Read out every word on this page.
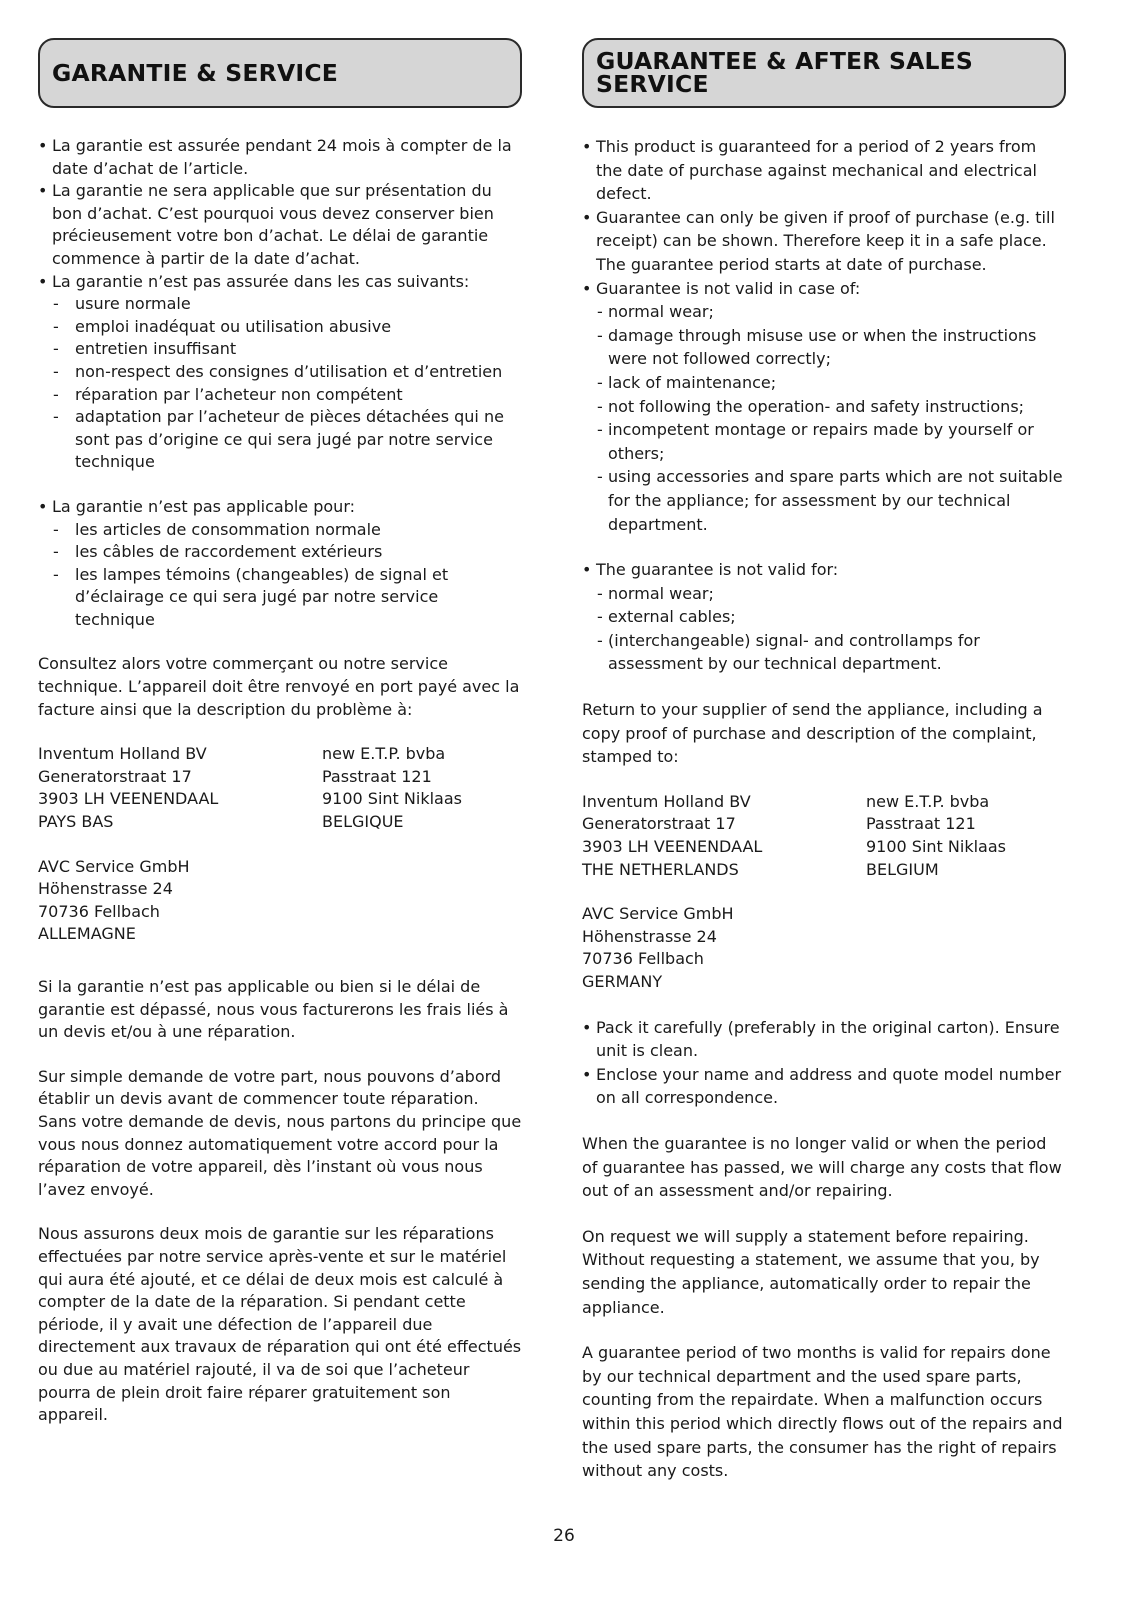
GARANTIE & SERVICE
• La garantie est assurée pendant 24 mois à compter de la date d’achat de l’article.
• La garantie ne sera applicable que sur présentation du bon d’achat. C’est pourquoi vous devez conserver bien précieusement votre bon d’achat. Le délai de garantie commence à partir de la date d’achat.
• La garantie n’est pas assurée dans les cas suivants:
-	usure normale
-	emploi inadéquat ou utilisation abusive
-	entretien insuffisant
-	non-respect des consignes d’utilisation et d’entretien
-	réparation par l’acheteur non compétent
-	adaptation par l’acheteur de pièces détachées qui ne sont pas d’origine ce qui sera jugé par notre service technique
• La garantie n’est pas applicable pour:
-	les articles de consommation normale
-	les câbles de raccordement extérieurs
-	les lampes témoins (changeables) de signal et d’éclairage ce qui sera jugé par notre service technique
Consultez alors votre commerçant ou notre service technique. L’appareil doit être renvoyé en port payé avec la facture ainsi que la description du problème à:
Inventum Holland BV
Generatorstraat 17
3903 LH VEENENDAAL
PAYS BAS
new E.T.P. bvba
Passtraat 121
9100 Sint Niklaas
BELGIQUE
AVC Service GmbH
Höhenstrasse 24
70736 Fellbach
ALLEMAGNE
Si la garantie n’est pas applicable ou bien si le délai de garantie est dépassé, nous vous facturerons les frais liés à un devis et/ou à une réparation.
Sur simple demande de votre part, nous pouvons d’abord établir un devis avant de commencer toute réparation. Sans votre demande de devis, nous partons du principe que vous nous donnez automatiquement votre accord pour la réparation de votre appareil, dès l’instant où vous nous l’avez envoyé.
Nous assurons deux mois de garantie sur les réparations effectuées par notre service après-vente et sur le matériel qui aura été ajouté, et ce délai de deux mois est calculé à compter de la date de la réparation. Si pendant cette période, il y avait une défection de l’appareil due directement aux travaux de réparation qui ont été effectués ou due au matériel rajouté, il va de soi que l’acheteur pourra de plein droit faire réparer gratuitement son appareil.
GUARANTEE & AFTER SALES SERVICE
• This product is guaranteed for a period of 2 years from the date of purchase against mechanical and electrical defect.
• Guarantee can only be given if proof of purchase (e.g. till receipt) can be shown. Therefore keep it in a safe place. The guarantee period starts at date of purchase.
• Guarantee is not valid in case of:
- normal wear;
- damage through misuse use or when the instructions were not followed correctly;
- lack of maintenance;
- not following the operation- and safety instructions;
- incompetent montage or repairs made by yourself or others;
- using accessories and spare parts which are not suitable for the appliance; for assessment by our technical department.
• The guarantee is not valid for:
- normal wear;
- external cables;
- (interchangeable) signal- and controllamps for assessment by our technical department.
Return to your supplier of send the appliance, including a copy proof of purchase and description of the complaint, stamped to:
Inventum Holland BV
Generatorstraat 17
3903 LH VEENENDAAL
THE NETHERLANDS
new E.T.P. bvba
Passtraat 121
9100 Sint Niklaas
BELGIUM
AVC Service GmbH
Höhenstrasse 24
70736 Fellbach
GERMANY
• Pack it carefully (preferably in the original carton). Ensure unit is clean.
• Enclose your name and address and quote model number on all correspondence.
When the guarantee is no longer valid or when the period of guarantee has passed, we will charge any costs that flow out of an assessment and/or repairing.
On request we will supply a statement before repairing. Without requesting a statement, we assume that you, by sending the appliance, automatically order to repair the appliance.
A guarantee period of two months is valid for repairs done by our technical department and the used spare parts, counting from the repairdate. When a malfunction occurs within this period which directly flows out of the repairs and the used spare parts, the consumer has the right of repairs without any costs.
26
